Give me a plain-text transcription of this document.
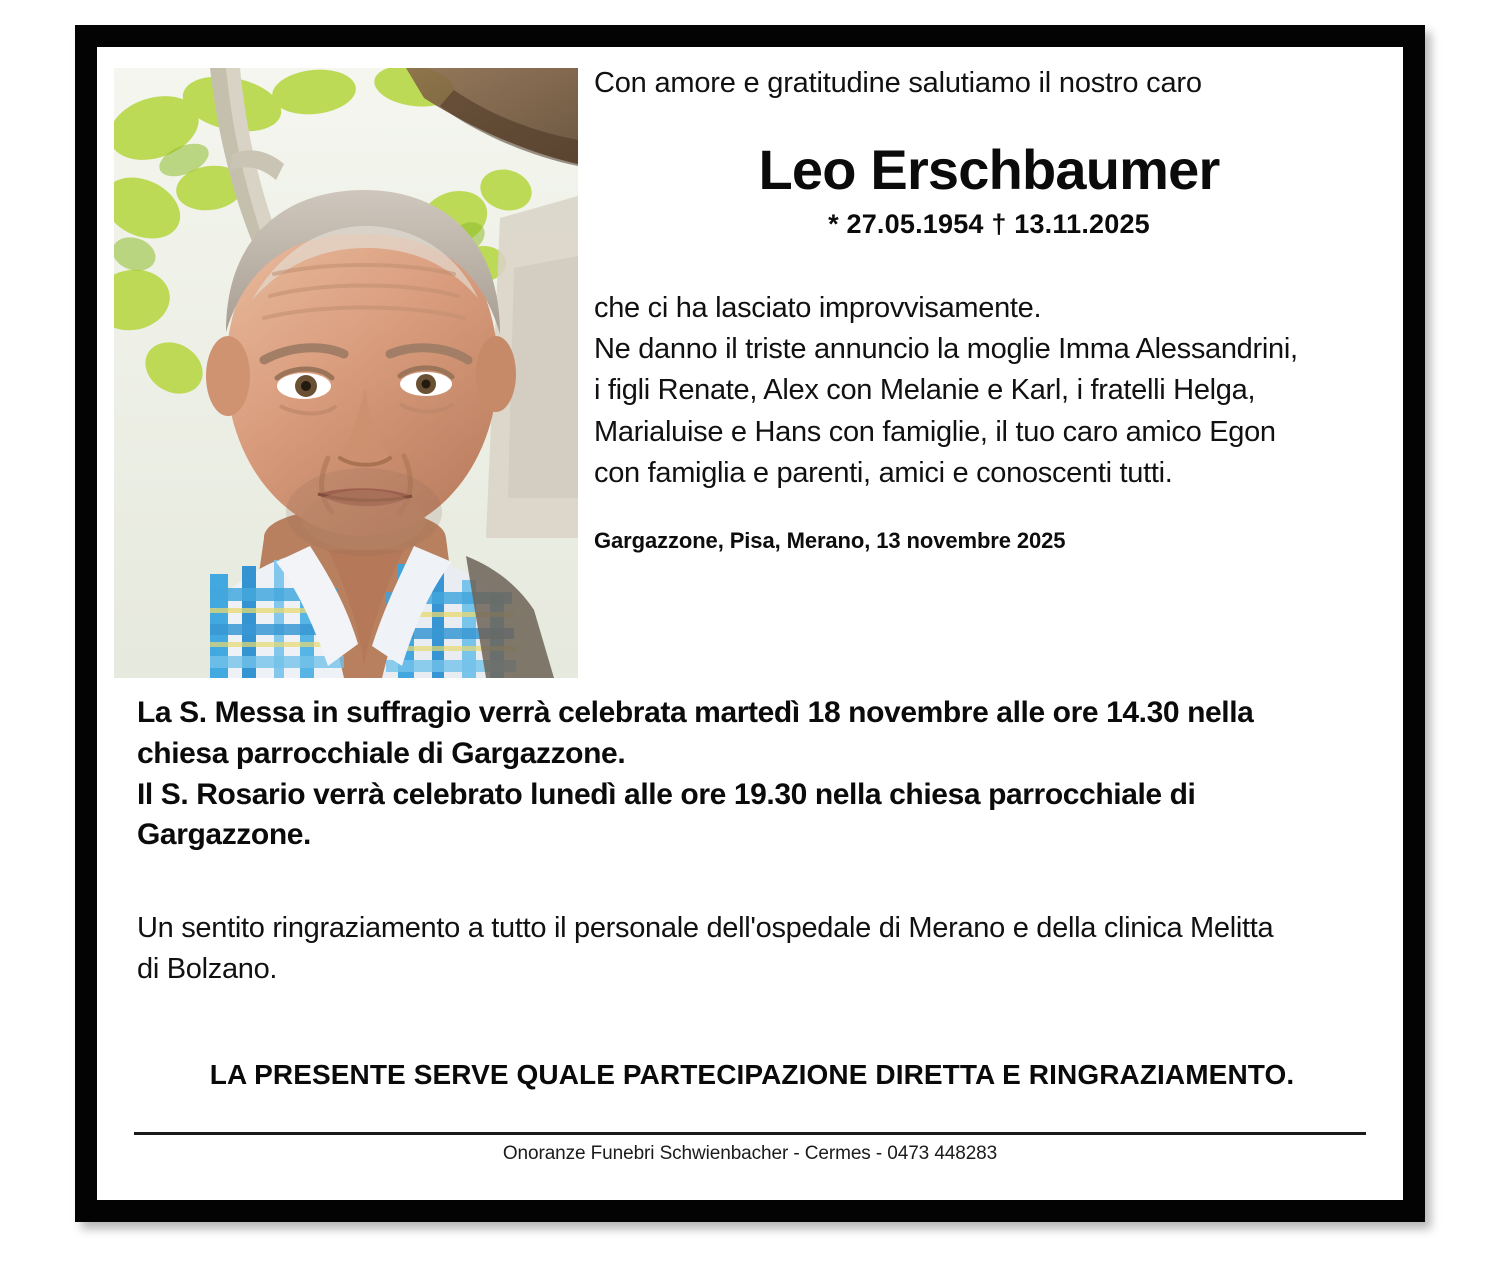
Con amore e gratitudine salutiamo il nostro caro
Leo Erschbaumer
* 27.05.1954 † 13.11.2025
che ci ha lasciato improvvisamente.
Ne danno il triste annuncio la moglie Imma Alessandrini,
i figli Renate, Alex con Melanie e Karl, i fratelli Helga,
Marialuise e Hans con famiglie, il tuo caro amico Egon
con famiglia e parenti, amici e conoscenti tutti.
Gargazzone, Pisa, Merano, 13 novembre 2025
La S. Messa in suffragio verrà celebrata martedì 18 novembre alle ore 14.30 nella
chiesa parrocchiale di Gargazzone.
Il S. Rosario verrà celebrato lunedì alle ore 19.30 nella chiesa parrocchiale di
Gargazzone.
Un sentito ringraziamento a tutto il personale dell'ospedale di Merano e della clinica Melitta
di Bolzano.
LA PRESENTE SERVE QUALE PARTECIPAZIONE DIRETTA E RINGRAZIAMENTO.
Onoranze Funebri Schwienbacher - Cermes - 0473 448283
